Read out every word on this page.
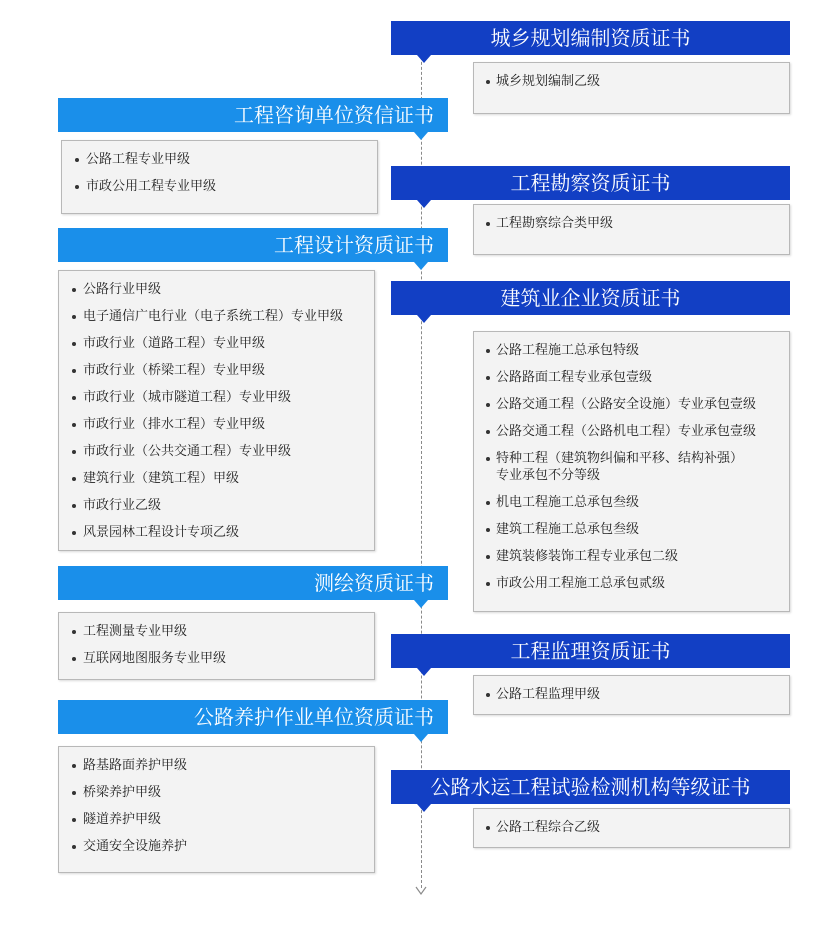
城乡规划编制资质证书
城乡规划编制乙级
工程勘察资质证书
工程勘察综合类甲级
建筑业企业资质证书
公路工程施工总承包特级
公路路面工程专业承包壹级
公路交通工程（公路安全设施）专业承包壹级
公路交通工程（公路机电工程）专业承包壹级
特种工程（建筑物纠偏和平移、结构补强）专业承包不分等级
机电工程施工总承包叁级
建筑工程施工总承包叁级
建筑装修装饰工程专业承包二级
市政公用工程施工总承包贰级
工程监理资质证书
公路工程监理甲级
公路水运工程试验检测机构等级证书
公路工程综合乙级
工程咨询单位资信证书
公路工程专业甲级
市政公用工程专业甲级
工程设计资质证书
公路行业甲级
电子通信广电行业（电子系统工程）专业甲级
市政行业（道路工程）专业甲级
市政行业（桥梁工程）专业甲级
市政行业（城市隧道工程）专业甲级
市政行业（排水工程）专业甲级
市政行业（公共交通工程）专业甲级
建筑行业（建筑工程）甲级
市政行业乙级
风景园林工程设计专项乙级
测绘资质证书
工程测量专业甲级
互联网地图服务专业甲级
公路养护作业单位资质证书
路基路面养护甲级
桥梁养护甲级
隧道养护甲级
交通安全设施养护
